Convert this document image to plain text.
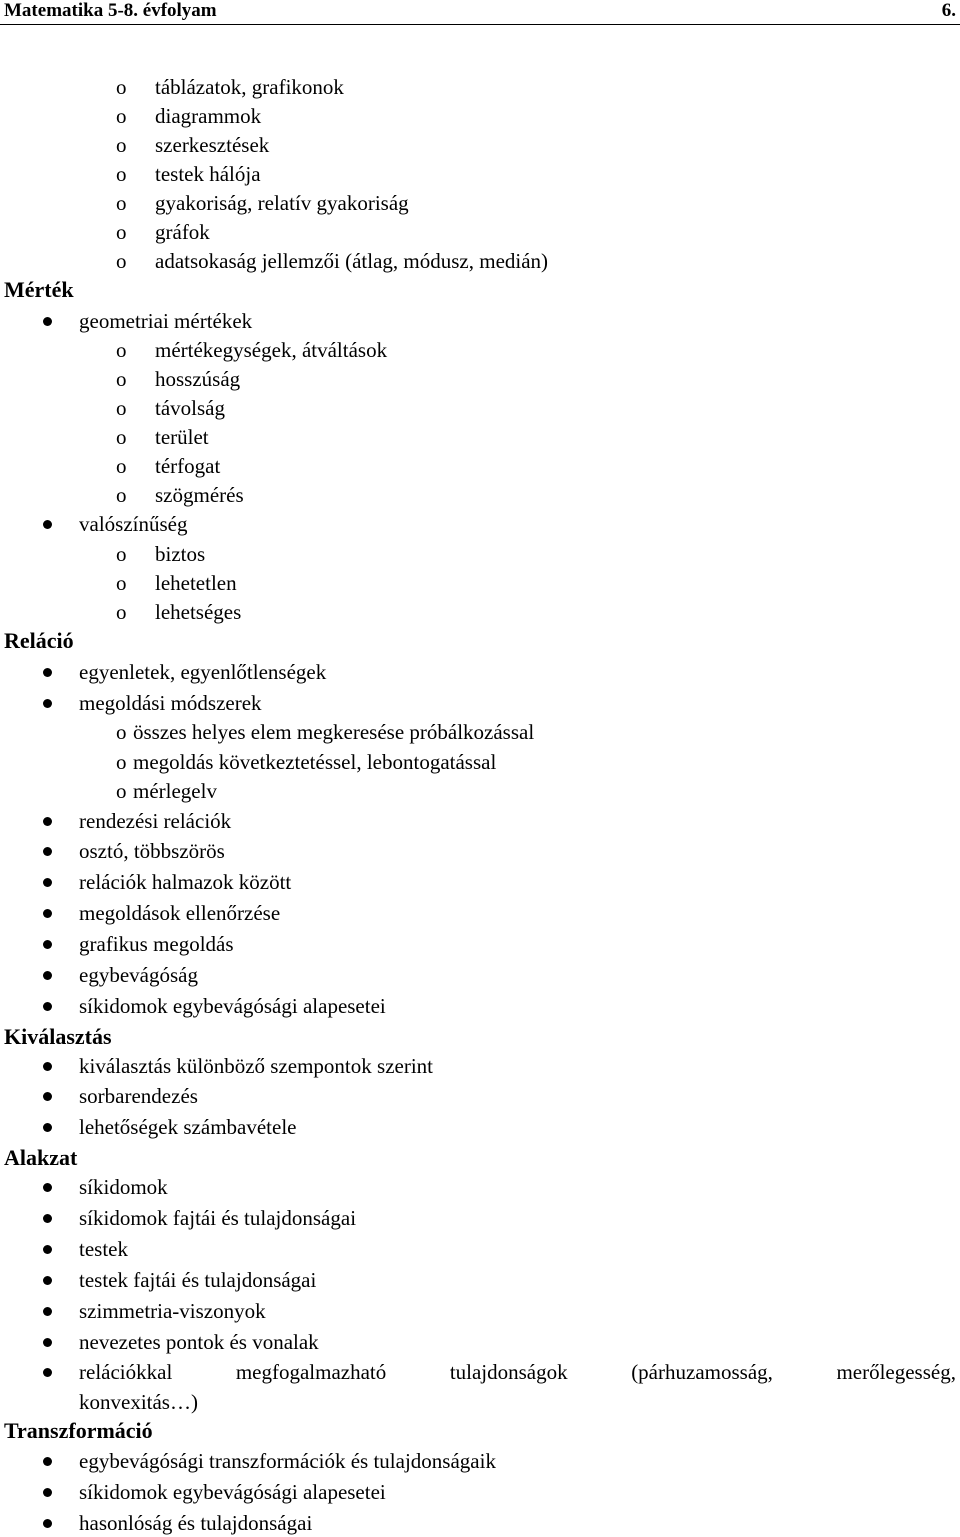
Matematika 5-8. évfolyam	6.
o táblázatok, grafikonok
o diagrammok
o szerkesztések
o testek hálója
o gyakoriság, relatív gyakoriság
o gráfok
o adatsokaság jellemzői (átlag, módusz, medián)
Mérték
geometriai mértékek
o mértékegységek, átváltások
o hosszúság
o távolság
o terület
o térfogat
o szögmérés
valószínűség
o biztos
o lehetetlen
o lehetséges
Reláció
egyenletek, egyenlőtlenségek
megoldási módszerek
o összes helyes elem megkeresése próbálkozással
o megoldás következtetéssel, lebontogatással
o mérlegelv
rendezési relációk
osztó, többszörös
relációk halmazok között
megoldások ellenőrzése
grafikus megoldás
egybevágóság
síkidomok egybevágósági alapesetei
Kiválasztás
kiválasztás különböző szempontok szerint
sorbarendezés
lehetőségek számbavétele
Alakzat
síkidomok
síkidomok fajtái és tulajdonságai
testek
testek fajtái és tulajdonságai
szimmetria-viszonyok
nevezetes pontok és vonalak
relációkkal	megfogalmazható	tulajdonságok	(párhuzamosság,	merőlegesség,
konvexitás…)
Transzformáció
egybevágósági transzformációk és tulajdonságaik
síkidomok egybevágósági alapesetei
hasonlóság és tulajdonságai
